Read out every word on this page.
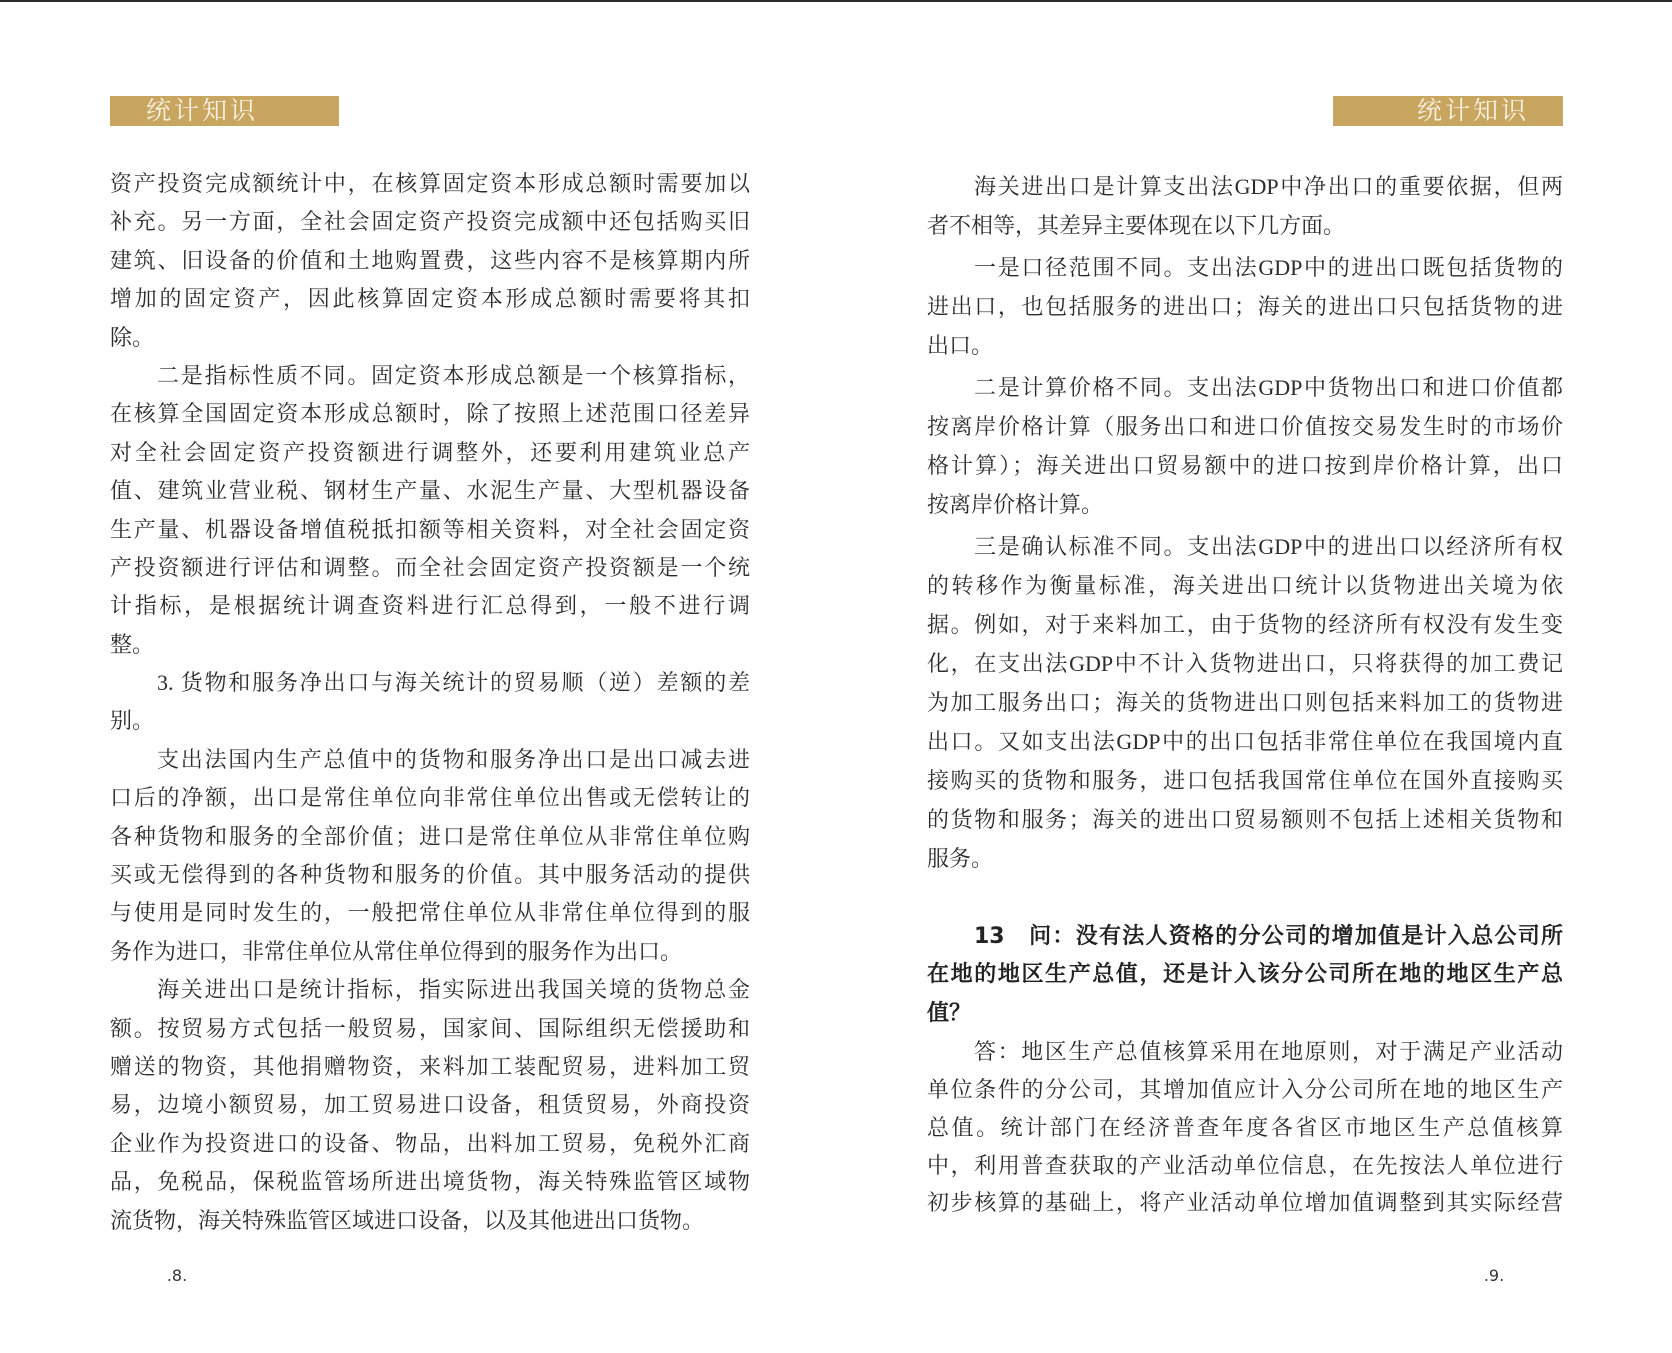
统计知识
资产投资完成额统计中，在核算固定资本形成总额时需要加以
补充。另一方面，全社会固定资产投资完成额中还包括购买旧
建筑、旧设备的价值和土地购置费，这些内容不是核算期内所
增加的固定资产，因此核算固定资本形成总额时需要将其扣
除。
二是指标性质不同。固定资本形成总额是一个核算指标，
在核算全国固定资本形成总额时，除了按照上述范围口径差异
对全社会固定资产投资额进行调整外，还要利用建筑业总产
值、建筑业营业税、钢材生产量、水泥生产量、大型机器设备
生产量、机器设备增值税抵扣额等相关资料，对全社会固定资
产投资额进行评估和调整。而全社会固定资产投资额是一个统
计指标，是根据统计调查资料进行汇总得到，一般不进行调
整。
3. 货物和服务净出口与海关统计的贸易顺（逆）差额的差
别。
支出法国内生产总值中的货物和服务净出口是出口减去进
口后的净额，出口是常住单位向非常住单位出售或无偿转让的
各种货物和服务的全部价值；进口是常住单位从非常住单位购
买或无偿得到的各种货物和服务的价值。其中服务活动的提供
与使用是同时发生的，一般把常住单位从非常住单位得到的服
务作为进口，非常住单位从常住单位得到的服务作为出口。
海关进出口是统计指标，指实际进出我国关境的货物总金
额。按贸易方式包括一般贸易，国家间、国际组织无偿援助和
赠送的物资，其他捐赠物资，来料加工装配贸易，进料加工贸
易，边境小额贸易，加工贸易进口设备，租赁贸易，外商投资
企业作为投资进口的设备、物品，出料加工贸易，免税外汇商
品，免税品，保税监管场所进出境货物，海关特殊监管区域物
流货物，海关特殊监管区域进口设备，以及其他进出口货物。
.8.
统计知识
海关进出口是计算支出法GDP中净出口的重要依据，但两
者不相等，其差异主要体现在以下几方面。
一是口径范围不同。支出法GDP中的进出口既包括货物的
进出口，也包括服务的进出口；海关的进出口只包括货物的进
出口。
二是计算价格不同。支出法GDP中货物出口和进口价值都
按离岸价格计算（服务出口和进口价值按交易发生时的市场价
格计算）；海关进出口贸易额中的进口按到岸价格计算，出口
按离岸价格计算。
三是确认标准不同。支出法GDP中的进出口以经济所有权
的转移作为衡量标准，海关进出口统计以货物进出关境为依
据。例如，对于来料加工，由于货物的经济所有权没有发生变
化，在支出法GDP中不计入货物进出口，只将获得的加工费记
为加工服务出口；海关的货物进出口则包括来料加工的货物进
出口。又如支出法GDP中的出口包括非常住单位在我国境内直
接购买的货物和服务，进口包括我国常住单位在国外直接购买
的货物和服务；海关的进出口贸易额则不包括上述相关货物和
服务。
13　问：没有法人资格的分公司的增加值是计入总公司所
在地的地区生产总值，还是计入该分公司所在地的地区生产总
值？
答：地区生产总值核算采用在地原则，对于满足产业活动
单位条件的分公司，其增加值应计入分公司所在地的地区生产
总值。统计部门在经济普查年度各省区市地区生产总值核算
中，利用普查获取的产业活动单位信息，在先按法人单位进行
初步核算的基础上，将产业活动单位增加值调整到其实际经营
.9.
